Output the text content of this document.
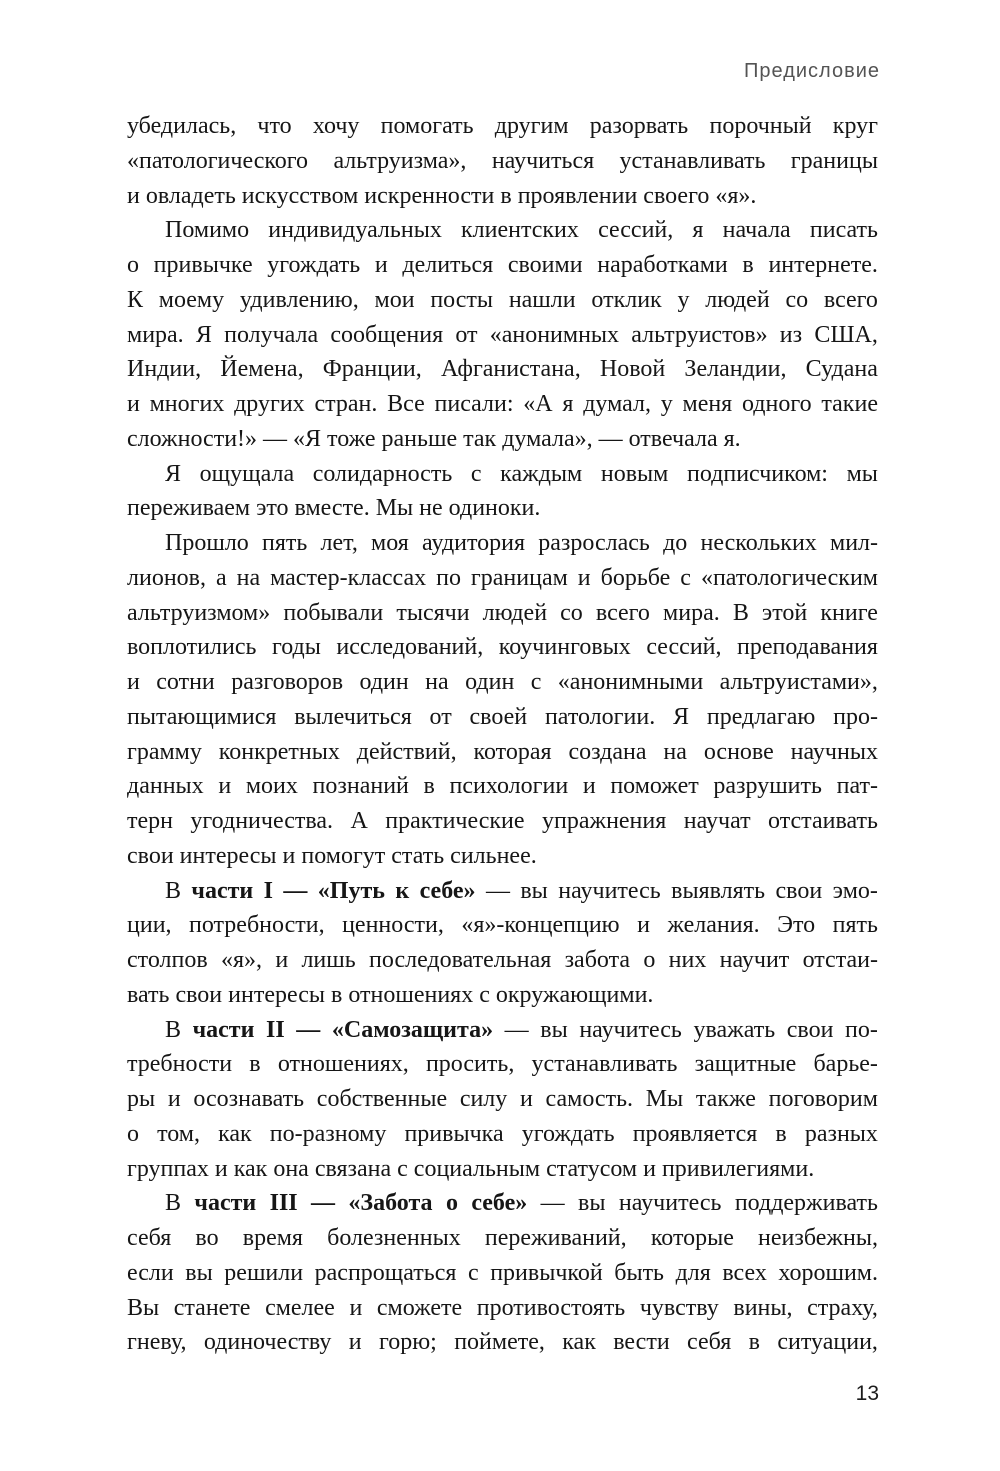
Предисловие
убедилась, что хочу помогать другим разорвать порочный круг
«патологического альтруизма», научиться устанавливать границы
и овладеть искусством искренности в проявлении своего «я».
Помимо индивидуальных клиентских сессий, я начала писать
о привычке угождать и делиться своими наработками в интернете.
К моему удивлению, мои посты нашли отклик у людей со всего
мира. Я получала сообщения от «анонимных альтруистов» из США,
Индии, Йемена, Франции, Афганистана, Новой Зеландии, Судана
и многих других стран. Все писали: «А я думал, у меня одного такие
сложности!» — «Я тоже раньше так думала», — отвечала я.
Я ощущала солидарность с каждым новым подписчиком: мы
переживаем это вместе. Мы не одиноки.
Прошло пять лет, моя аудитория разрослась до нескольких мил-
лионов, а на мастер-классах по границам и борьбе с «патологическим
альтруизмом» побывали тысячи людей со всего мира. В этой книге
воплотились годы исследований, коучинговых сессий, преподавания
и сотни разговоров один на один с «анонимными альтруистами»,
пытающимися вылечиться от своей патологии. Я предлагаю про-
грамму конкретных действий, которая создана на основе научных
данных и моих познаний в психологии и поможет разрушить пат-
терн угодничества. А практические упражнения научат отстаивать
свои интересы и помогут стать сильнее.
В части I — «Путь к себе» — вы научитесь выявлять свои эмо-
ции, потребности, ценности, «я»-концепцию и желания. Это пять
столпов «я», и лишь последовательная забота о них научит отстаи-
вать свои интересы в отношениях с окружающими.
В части II — «Самозащита» — вы научитесь уважать свои по-
требности в отношениях, просить, устанавливать защитные барье-
ры и осознавать собственные силу и самость. Мы также поговорим
о том, как по-разному привычка угождать проявляется в разных
группах и как она связана с социальным статусом и привилегиями.
В части III — «Забота о себе» — вы научитесь поддерживать
себя во время болезненных переживаний, которые неизбежны,
если вы решили распрощаться с привычкой быть для всех хорошим.
Вы станете смелее и сможете противостоять чувству вины, страху,
гневу, одиночеству и горю; поймете, как вести себя в ситуации,
13
